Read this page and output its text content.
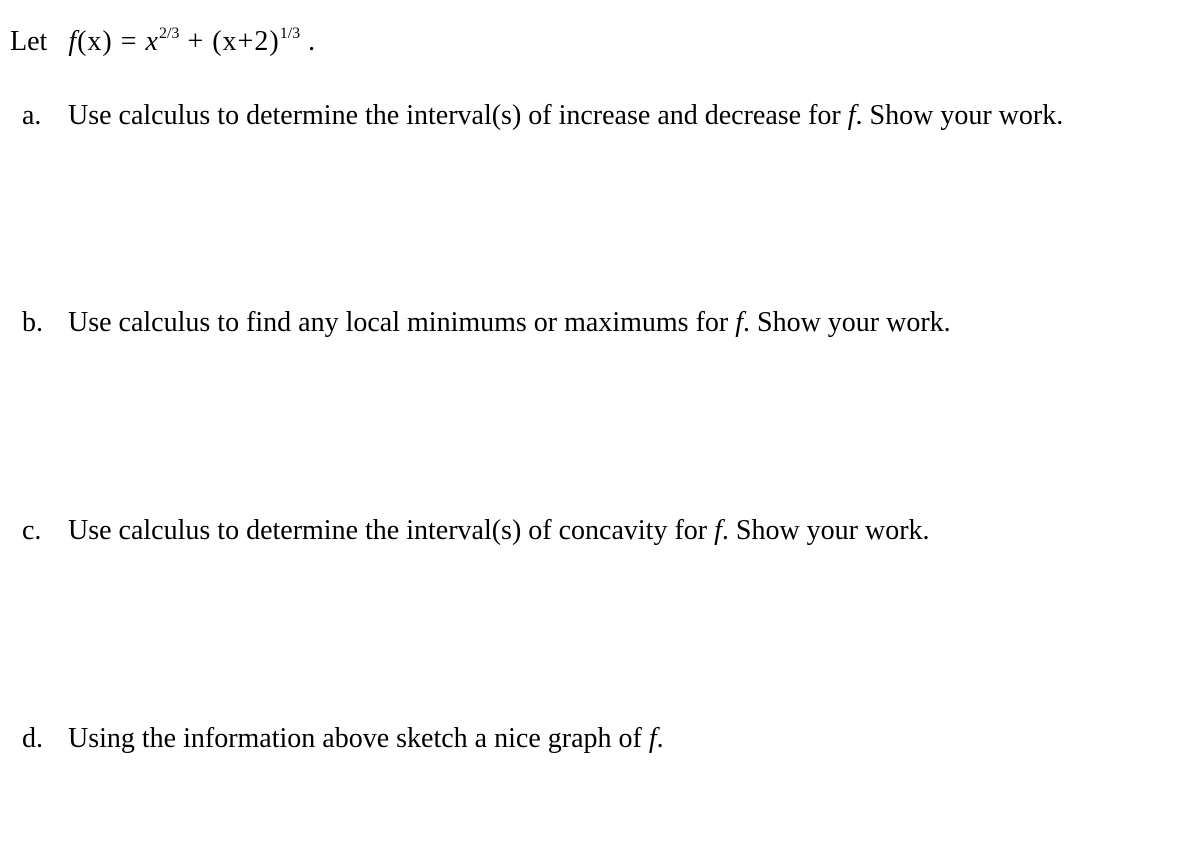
Let $f(x) = x^{2/3} + (x+2)^{1/3}$ .
a. Use calculus to determine the interval(s) of increase and decrease for f. Show your work.
b. Use calculus to find any local minimums or maximums for f. Show your work.
c. Use calculus to determine the interval(s) of concavity for f. Show your work.
d. Using the information above sketch a nice graph of f.
